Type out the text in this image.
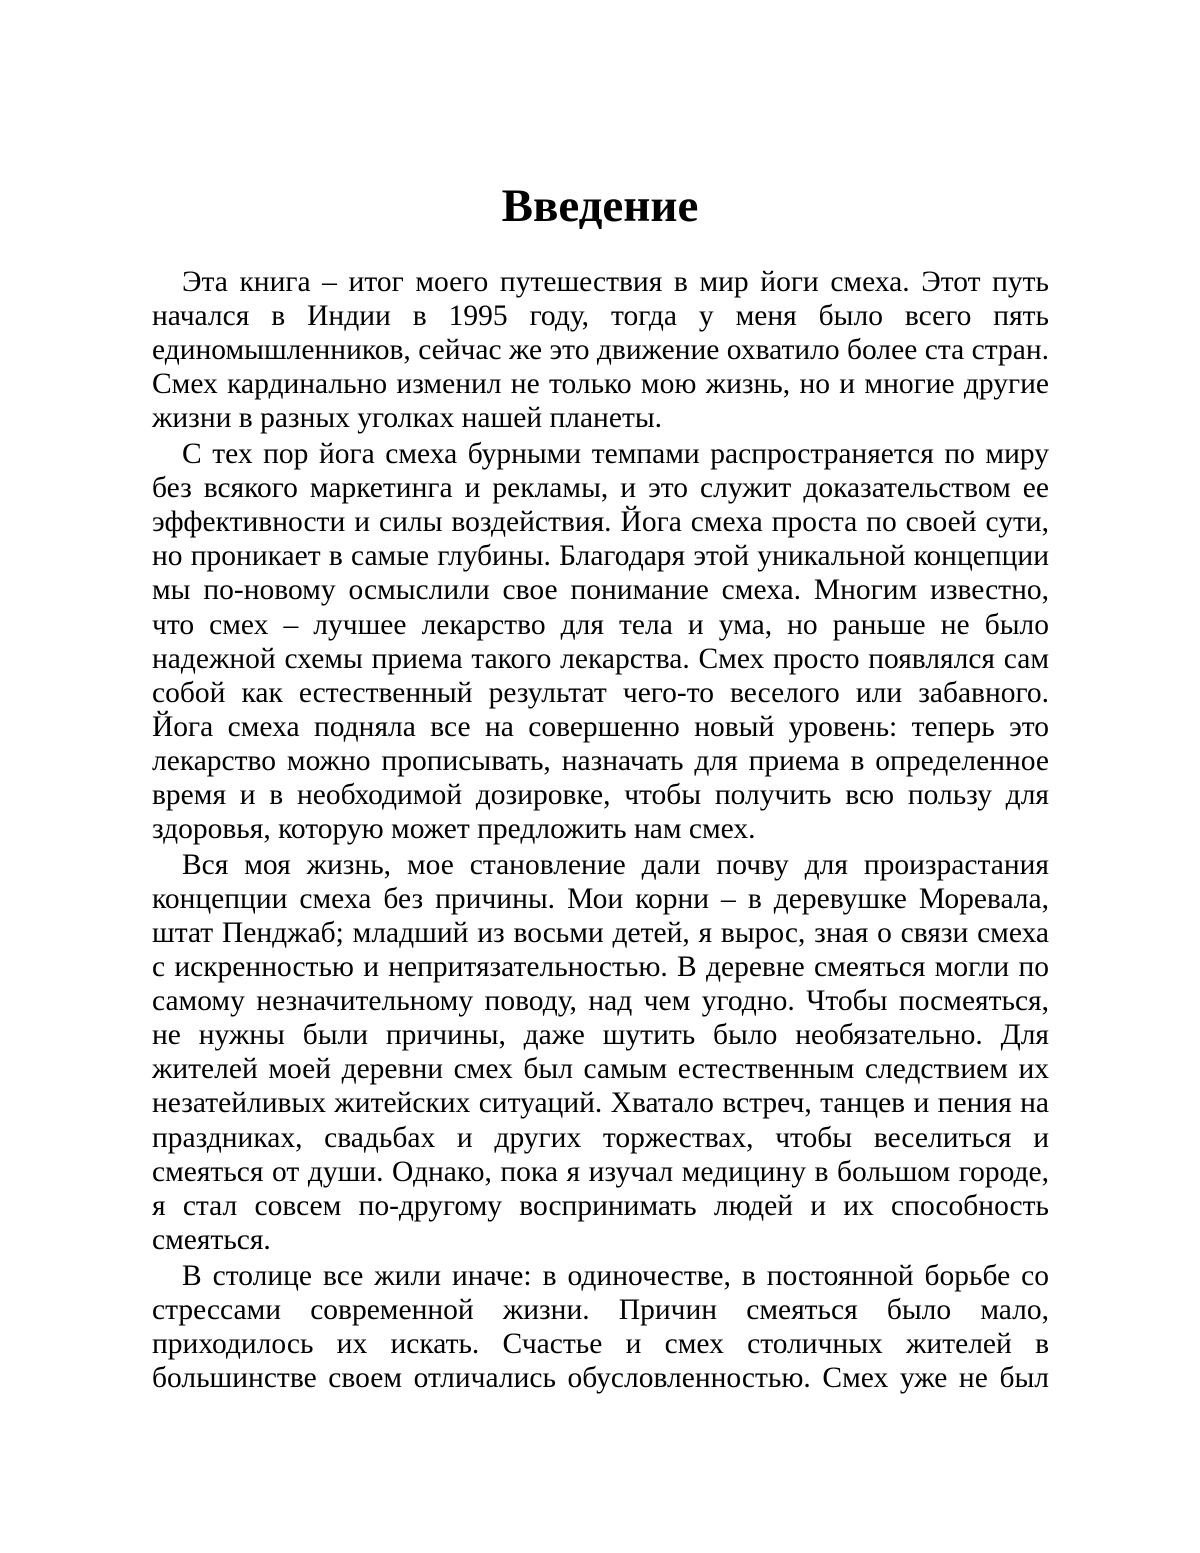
Введение
Эта книга – итог моего путешествия в мир йоги смеха. Этот путь
начался в Индии в 1995 году, тогда у меня было всего пять
единомышленников, сейчас же это движение охватило более ста стран.
Смех кардинально изменил не только мою жизнь, но и многие другие
жизни в разных уголках нашей планеты.
С тех пор йога смеха бурными темпами распространяется по миру
без всякого маркетинга и рекламы, и это служит доказательством ее
эффективности и силы воздействия. Йога смеха проста по своей сути,
но проникает в самые глубины. Благодаря этой уникальной концепции
мы по-новому осмыслили свое понимание смеха. Многим известно,
что смех – лучшее лекарство для тела и ума, но раньше не было
надежной схемы приема такого лекарства. Смех просто появлялся сам
собой как естественный результат чего-то веселого или забавного.
Йога смеха подняла все на совершенно новый уровень: теперь это
лекарство можно прописывать, назначать для приема в определенное
время и в необходимой дозировке, чтобы получить всю пользу для
здоровья, которую может предложить нам смех.
Вся моя жизнь, мое становление дали почву для произрастания
концепции смеха без причины. Мои корни – в деревушке Моревала,
штат Пенджаб; младший из восьми детей, я вырос, зная о связи смеха
с искренностью и непритязательностью. В деревне смеяться могли по
самому незначительному поводу, над чем угодно. Чтобы посмеяться,
не нужны были причины, даже шутить было необязательно. Для
жителей моей деревни смех был самым естественным следствием их
незатейливых житейских ситуаций. Хватало встреч, танцев и пения на
праздниках, свадьбах и других торжествах, чтобы веселиться и
смеяться от души. Однако, пока я изучал медицину в большом городе,
я стал совсем по-другому воспринимать людей и их способность
смеяться.
В столице все жили иначе: в одиночестве, в постоянной борьбе со
стрессами современной жизни. Причин смеяться было мало,
приходилось их искать. Счастье и смех столичных жителей в
большинстве своем отличались обусловленностью. Смех уже не был
